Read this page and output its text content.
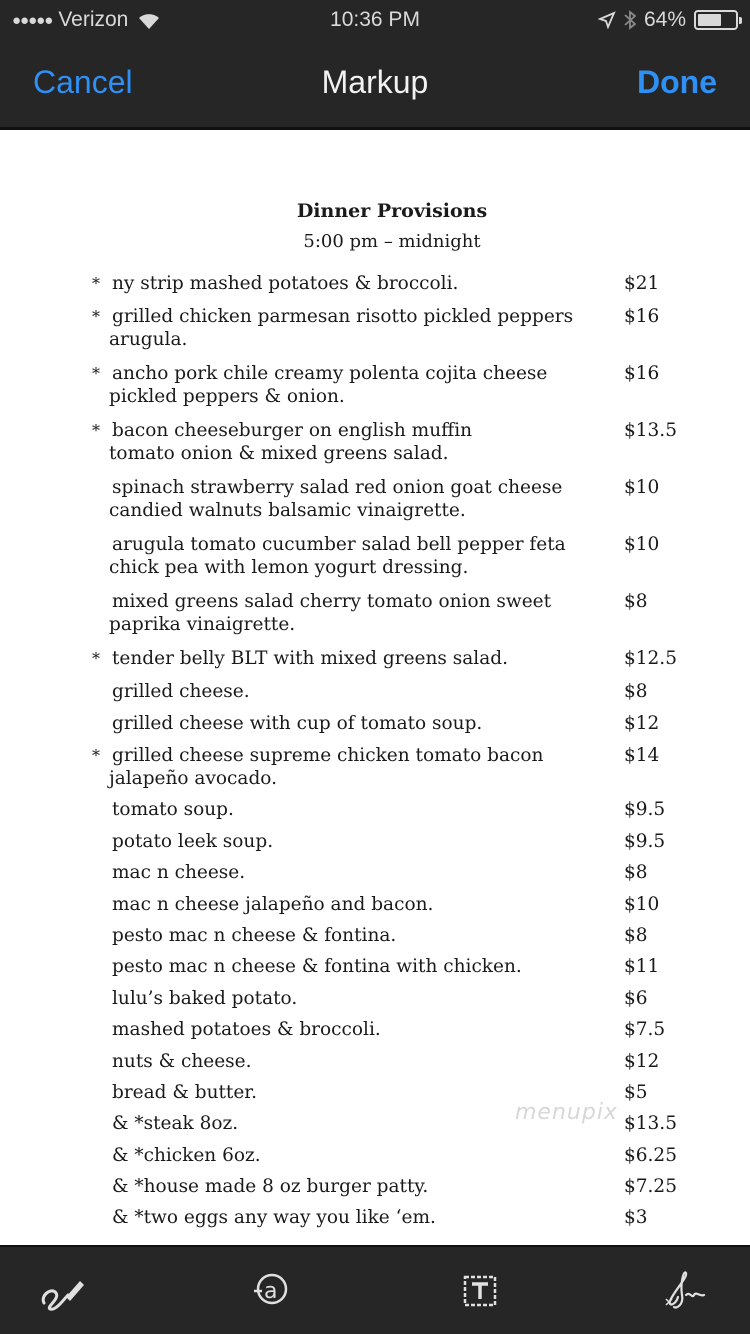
●●●●● Verizon	10:36 PM	64%
Cancel	Markup	Done
Dinner Provisions
5:00 pm – midnight
* ny strip mashed potatoes & broccoli.	$21
* grilled chicken parmesan risotto pickled peppers
arugula.
$16
* ancho pork chile creamy polenta cojita cheese
pickled peppers & onion.
$16
* bacon cheeseburger on english muffin
tomato onion & mixed greens salad.
$13.5
spinach strawberry salad red onion goat cheese
candied walnuts balsamic vinaigrette.
$10
arugula tomato cucumber salad bell pepper feta
chick pea with lemon yogurt dressing.
$10
mixed greens salad cherry tomato onion sweet
paprika vinaigrette.
$8
* tender belly BLT with mixed greens salad.	$12.5
grilled cheese.	$8
grilled cheese with cup of tomato soup.	$12
* grilled cheese supreme chicken tomato bacon
jalapeño avocado.
$14
tomato soup.	$9.5
potato leek soup.	$9.5
mac n cheese.	$8
mac n cheese jalapeño and bacon.	$10
pesto mac n cheese & fontina.	$8
pesto mac n cheese & fontina with chicken.	$11
lulu’s baked potato.	$6
mashed potatoes & broccoli.	$7.5
nuts & cheese.	$12
bread & butter.	$5
& *steak 8oz.	$13.5
& *chicken 6oz.	$6.25
& *house made 8 oz burger patty.	$7.25
& *two eggs any way you like ‘em.	$3
menupix
a
